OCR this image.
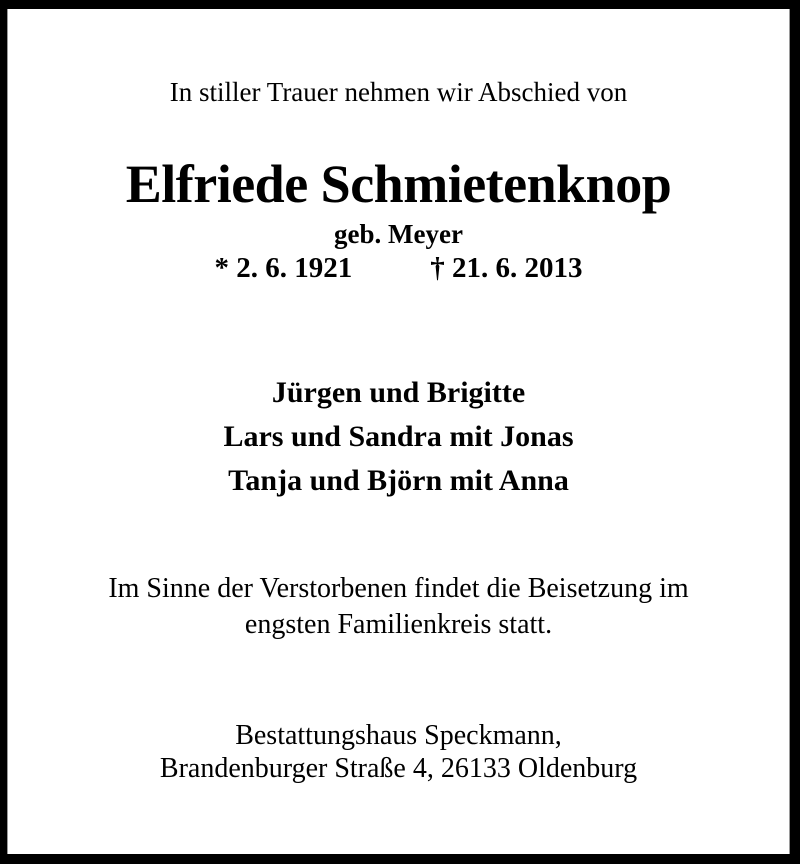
In stiller Trauer nehmen wir Abschied von
Elfriede Schmietenknop
geb. Meyer
* 2. 6. 1921	† 21. 6. 2013
Jürgen und Brigitte
Lars und Sandra mit Jonas
Tanja und Björn mit Anna
Im Sinne der Verstorbenen findet die Beisetzung im
engsten Familienkreis statt.
Bestattungshaus Speckmann,
Brandenburger Straße 4, 26133 Oldenburg
